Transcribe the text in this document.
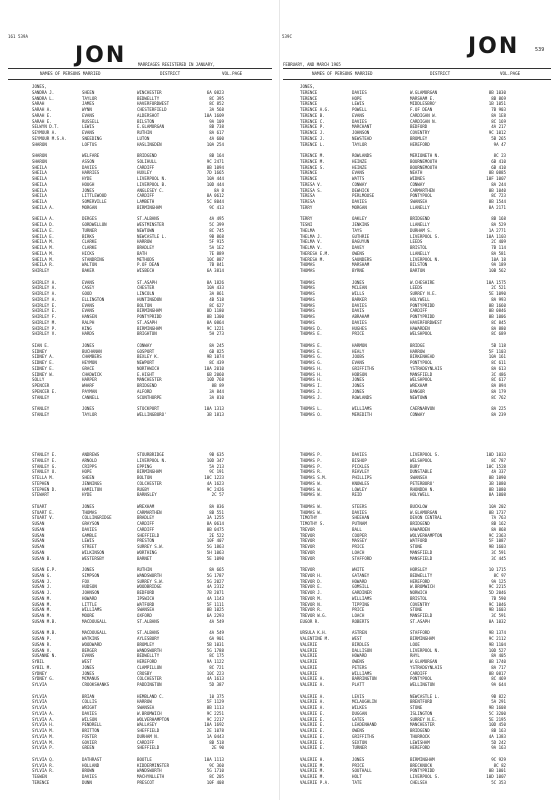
161 539A
JON
539C	JON	539
MARRIAGES REGISTERED IN JANUARY,	FEBRUARY, AND MARCH 1965
NAMES OF PERSONS MARRIED	DISTRICT	VOL.PAGE	NAMES OF PERSONS MARRIED	DISTRICT	VOL.PAGE
JONES,
SANDRA J.	SHEEN	WINCHESTER	6A 0823
SANDRA L.	TAYLOR	BEDWELLTY	8C 395
SARAH	JAMES	HAVERFORDWEST	8C 852
SARAH A.	WYNN	CHESTERFIELD	3A 568
SARAH E.	EVANS	ALDERSHOT	10A 1609
SARAH E.	RUSSELL	BILSTON	9A 109
SELWYN D.T.	LEWIS	E.GLAMORGAN	8B 738
SEYMOUR A.	EVANS	RUTHIN	8A 617
SEYMOUR M.S.A.	SNEEDING	LUTON	4A 600
SHARON	LOFTUS	HASLINGDEN	10A 254
SHARON	WELFARE	BRIDGEND	8B 164
SHARON	ASSON	SOLIHULL	9C 2471
SHEILA	DAVIES	CARDIFF	8B 1094
SHEILA	HARRIES	HUXLEY	7D 1665
SHEILA	HYDE	LIVERPOOL N.	10A 444
SHEILA	HOUGH	LIVERPOOL B.	10D 444
SHEILA	JONES	ANGLESEY C.	8A 8
SHEILA	LITTLEWOOD	CARDIFF	8A 0612
SHEILA	SOMERVILLE	LAMBETH	5C 8044
SHEILA A.	MORGAN	BIRMINGHAM	9C 413
SHEILA A.	DERGES	ST.ALBANS	4A 495
SHEILA D.	GORDWELLON	WESTMINSTER	5C 399
SHEILA E.	TURNER	NEWTOWN	8C 745
SHEILA E.	BIRKS	NEWCASTLE L.	9B 868
SHEILA M.	CLARKE	HARROW	5F 915
SHEILA M.	CLARKE	BRADLEY	5A 1E2
SHEILA M.	HICKS	BATH	7E 889
SHEILA M.	STANDRING	METHODS	10C 887
SHEILA R.	WALTON	P.OF DEAN	7B 841
SHIRLEY	BAKER	WISBECH	6A 3814
SHIRLEY A.	EVANS	ST.ASAPH	8A 1826
SHIRLEY A.	CASEY	CHESTER	10A 433
SHIRLEY A.	GOOD	LINCOLN	3A 861
SHIRLEY A.	ELLINGTON	HUNTINGDON	4B 518
SHIRLEY E.	EVANS	BOLTON	8C 627
SHIRLEY E.	EVANS	BIRMINGHAM	8D 1180
SHIRLEY F.	HANSEN	PONTYPRIDD	8B 1300
SHIRLEY M.	RALPH	ST.ASAPH	8A 0864
SHIRLEY P.	KING	BIRMINGHAM	9C 1221
SHIRLEY V.	HARDS	BRIGHTON	5H 273
SIAN E.	JONES	CONWAY	8A 245
SIDNEY	BUCHANAN	GOSPORT	6B 825
SIDNEY A.	CHAMBERS	BEXLEY K.	9B 1074
SIDNEY E.	HEYMON	NEWPORT	8C 439
SIDNEY E.	GRACE	NORTHWICH	10A 2010
SIDNEY W.	CHADWICK	E.HIGHT	6B 2060
SOLLY	HARPER	MANCHESTER	10D 768
SPENCER	WHARF	BRIDGEND	8B 89
SPENCER E.	PAYMAN	ALFORD	3A 844
STANLEY	CANNELL	SCUNTHORPE	3A 810
STANLEY	JONES	STOCKPORT	10A 1313
STANLEY	TAYLOR	WELLINGBORO'	3B 1813
STANLEY E.	ANDREWS	STOURBRIDGE	9B 635
STANLEY E.	ARNOLD	LIVERPOOL N.	10D 347
STANLEY G.	CRIPPS	EPPING	5A 213
STANLEY O.	HOPE	BIRMINGHAM	9C 191
STELLA M.	SHEEN	BOLTON	10C 1223
STEPHEN	JENNINGS	COLCHESTER	4A 1623
STEPHEN D.	HAMILTON	RUGBY	9C 2426
STEWART	HYDE	BARNSLEY	2C 57
STUART	JONES	WREXHAM	8A 836
STUART E.	THOMAS	CARMARTHEN	8B 551
STUART V.	COLLINGRIDGE	BRADLEY	3A 1255
SUSAN	GRAYSON	CARDIFF	8A 0614
SUSAN	DAVIES	CARDIFF	8B 0475
SUSAN	GAMBLE	SHEFFIELD	2E 522
SUSAN	LEWIS	PRESTON	10F 407
SUSAN	STREET	SURREY S.W.	5G 1863
SUSAN	WILKINSON	WORTHING	5H 1063
SUSAN B.	WESTERSBY	BARNET	5E 1090
SUSAN E.P.	JONES	RUTHIN	8A 665
SUSAN G.	SIMPSON	WANDSWORTH	5G 1787
SUSAN J.	FOX	SURREY S.W.	5G 2027
SUSAN J.	HUDSON	WOODBRIDGE	4A 2312
SUSAN J.	JOHNSON	BEDFORD	7B 2071
SUSAN M.	HOWARD	IPSWICH	4A 1143
SUSAN M.	LITTLE	WATFORD	5F 1111
SUSAN M.	WILLIAMS	SWANSEA	8B 1025
SUSAN M.	MOORE	OXFORD	6A 2293
SUSAN M.B.	MACDOUGALL	ST.ALBANS	4A 549
SUSAN M.B.	MACDOUGALL	ST.ALBANS	4A 549
SUSAN P.	WATKINS	AYLESBURY	6A 901
SUSAN R.	WOODWARD	BROMLEY	5B 1031
SUSAN V.	BERGER	WANDSWORTH	5G 1788
SUSANNE N.	EVANS	BEDWELLTY	8C 175
SYBIL	WEST	HEREFORD	9A 1122
SYBIL M.	JONES	CLAMPILLON	8C 721
SYDNEY	JONES	CROSBY	10C 223
SYDNEY G.	MCMANUS	COLCHESTER	4A 1613
SYLVIA	CROOKSHANKS	PADDINGTON	5D 387
SYLVIA	BRIAN	HEMBLAND C.	10 375
SYLVIA	COLLIS	HARROW	5F 1129
SYLVIA	WRIGHT	SWANSEA	8B 1113
SYLVIA A.	DAVIES	W.BROMWICH	9C 2251
SYLVIA A.	WILSON	WOLVERHAMPTON	9C 2217
SYLVIA H.	PENDRELL	WALLASEY	10A 1692
SYLVIA M.	BRITTON	SHEFFIELD	2E 1078
SYLVIA M.	FOSTER	DURHAM N.	1A 0443
SYLVIA M.	GOVIER	CARDIFF	8B 518
SYLVIA P.	GREEN	SHEFFIELD	2E 90
SYLVIA Q.	DATHRAST	BOOTLE	10A 1113
SYLVIA R.	HOLLAND	KIDDERMINSTER	9C 360
SYLVIA R.	BROWN	WANDSWORTH	5G 1710
TEGWEN	DAVIES	MACHYNLLETH	8C 205
TERENCE	DUNN	PRESCOT	10F 408
JONES,
TERENCE	DAVIES	W.GLAMORGAN	8B 1030
TERENCE	HOPE	MARSHAM E.	8B 869
TERENCE	LEWIS	MIDDLESBRO'	1B 1051
TERENCE A.G.	POWELL	F.OF DEAN	7B 903
TERENCE B.	EVANS	CARDIGAN W.	8A 1E8
TERENCE C.	DAVIES	CARDIGAN N.	8C 169
TERENCE P.	MARCHANT	BEDFORD	4A 217
TERENCE J.	JOHNSON	COVENTRY	9C 1012
TERENCE J.	NEWSTEAD	BROMLEY	5B 265
TERENCE L.	TAYLOR	HEREFORD	9A 47
TERENCE M.	ROWLANDS	MERIONETH N.	8C 23
TERENCE M.	HEINZE	BOURNEMOUTH	6B 410
TERENCE S.	HEINZE	BOURNEMOUTH	6B 410
TERENCE	EVANS	NEATH	8B 0885
TERENCE	WATTS	WIDNES	10F 1007
TERESA V.	CONWAY	CONWAY	8A 244
TERESA S.	DEWHICK	CARMARTHEN	8B 1040
TERESA	PERLMOUSE	PONTYPOOL	8C 723
TERESA	DAVIES	SWANSEA	8B 1544
TERRY	MORGAN	LLANELLY	8A 2171
TERRY	OAKLEY	BRIDGEND	8B 168
TESNI	JENKINS	LLANELLY	8A 529
THELMA	TAYS	DURHAM S.	1A 2771
THELMA J.	GUTHRIE	LIVERPOOL S.	10A 1103
THELMA V.	BAGUYUN	LEEDS	2C 409
THELMA V.	DAVEY	BRISTOL	7B 114
THERESA E.M.	OWENS	LLANELLY	8A 581
THERESA M.	SAUNDERS	LIVERPOOL N.	10A 18
THOMAS	MARSHAM	BILSTON	9A 189
THOMAS	BYRNE	BARTON	10B 562
THOMAS	JONES	W.CHESHIRE	10A 1575
THOMAS	MCLEAN	LEEDS	2C 521
THOMAS	WILLS	SURREY N.E.	5E 1090
THOMAS	BARKER	HOLYWELL	8A 993
THOMAS	DAVIES	PONTYPRIDD	8B 1660
THOMAS	DAVIS	CARDIFF	8B 0846
THOMAS	ABRAHAM	PONTYPRIDD	8B 1006
THOMAS	DAVIES	HAVERFORDWEST	8C 845
THOMAS D.	HUGHES	HAWARDEN	8A 880
THOMAS E.	PRICE	WELSHPOOL	8C 689
THOMAS E.	HARMON	BRIDGE	5B 118
THOMAS E.	HEALY	HARROW	5F 1103
THOMAS G.	JOOBS	BIRKENHEAD	10A 161
THOMAS G.	EVANS	PONTYPOOL	8C 611
THOMAS H.	GRIFFITHS	YSTRADGYNLAIS	8A 613
THOMAS H.	HOBSON	MANSFIELD	3C 486
THOMAS H.	JONES	WELSHPOOL	8C 617
THOMAS I.	JONES	WREXHAM	8A 894
THOMAS J.	JONES	BANGOR	8A 179
THOMAS J.	ROWLANDS	NEWTOWN	8C 762
THOMAS L.	WILLIAMS	CAERNARVON	8A 225
THOMAS O.	MEREDITH	CONWAY	8A 239
THOMAS P.	DAVIES	LIVERPOOL S.	10D 1033
THOMAS P.	BISHOP	WELSHPOOL	8C 787
THOMAS P.	PICKLES	BURY	10C 1528
THOMAS R.	REAVLEY	DUNSTABLE	4A 337
THOMAS S.M.	PHILLIPS	SWANSEA	8B 1090
THOMAS W.	KNOWLES	PETERBORO'	3B 1080
THOMAS W.	LOWLEY	RHONDDA N.	8B 1080
THOMAS W.	REID	HOLYWELL	8A 1008
THOMAS W.	STEERS	BUCKLOW	10A 202
THOMAS W.	DAVIES	W.GLAMORGAN	8B 1737
TIMOTHY	SHEEHAN	DEVON CENTRAL	7A 763
TIMOTHY S.	PUTNAM	BRIDGEND	8B 162
TREVOR	BALL	HAWARDEN	8A 868
TREVOR	COOPER	WOLVERHAMPTON	9C 2363
TREVOR	MASSEY	WATFORD	5F 1087
TREVOR	PRICE	STONE	9B 1603
TREVOR	LOACH	MANSFIELD	3C 591
TREVOR	STAFFORD	MANSFIELD	3C 445
TREVOR	WHITE	HORSLEY	10 1715
TREVOR H.	GATANEY	BEDWELLTY	8C 97
TREVOR D.	HOWARD	HEREFORD	9A 125
TREVOR E.	GOMSILL	W.BROMWICH	9C 2215
TREVOR J.	GARDINER	NORWICH	5D 2046
TREVOR M.	WILLIAMS	BRISTOL	7B 590
TREVOR N.	TIPPING	COVENTRY	9C 1046
TREVOR R.	PRICE	STONE	9B 1603
TREVOR W.G.	LOACH	MANSFIELD	3C 591
EUGOR R.	ROBERTS	ST.ASAPH	8A 1032
URSULA K.H.	ASTREN	STAFFORD	9B 1374
VALENTINE M.	WEST	BIRMINGHAM	9C 2112
VALERIE	BIRDLES	LOOE	9B 1104
VALERIE	DALLISON	LIVERPOOL N.	10D 527
VALERIE	HOWARD	RHYL	8A 405
VALERIE	OWENS	W.GLAMORGAN	8B 1740
VALERIE	PETERS	YSTRADGYNLAIS	8A 717
VALERIE	WILLIAMS	CARDIFF	8B 0817
VALERIE A.	BARRINGTON	PONTYPOOL	8C 469
VALERIE A.	PLATT	WELLINGTON	9A 644
VALERIE A.	LEVIS	NEWCASTLE L.	9B 822
VALERIE A.	MCLAUGHLIN	BRENTFORD	5A 291
VALERIE A.	WILKES	STONE	9B 1608
VALERIE E.	DUGGAN	ISLINGTON	5C 3200
VALERIE E.	GATES	SURREY N.E.	5E 2195
VALERIE E.	LEADENHAND	MANCHESTER	10D 450
VALERIE E.	OWENS	BRIDGEND	8B 163
VALERIE E.	GRIFFITHS	THURROCK	4A 1383
VALERIE E.	SEXTON	LEWISHAM	5D 242
VALERIE E.	TURNER	HEREFORD	9A 163
VALERIE H.	JONES	BIRMINGHAM	9C 929
VALERIE M.	PRICE	BRECKNOCK	8C 82
VALERIE M.	SOUTHALL	PONTYPRIDD	8B 1001
VALERIE M.	HOLT	LIVERPOOL S.	10D 1007
VALERIE P.A.	TATE	CHELSEA	5C 353
